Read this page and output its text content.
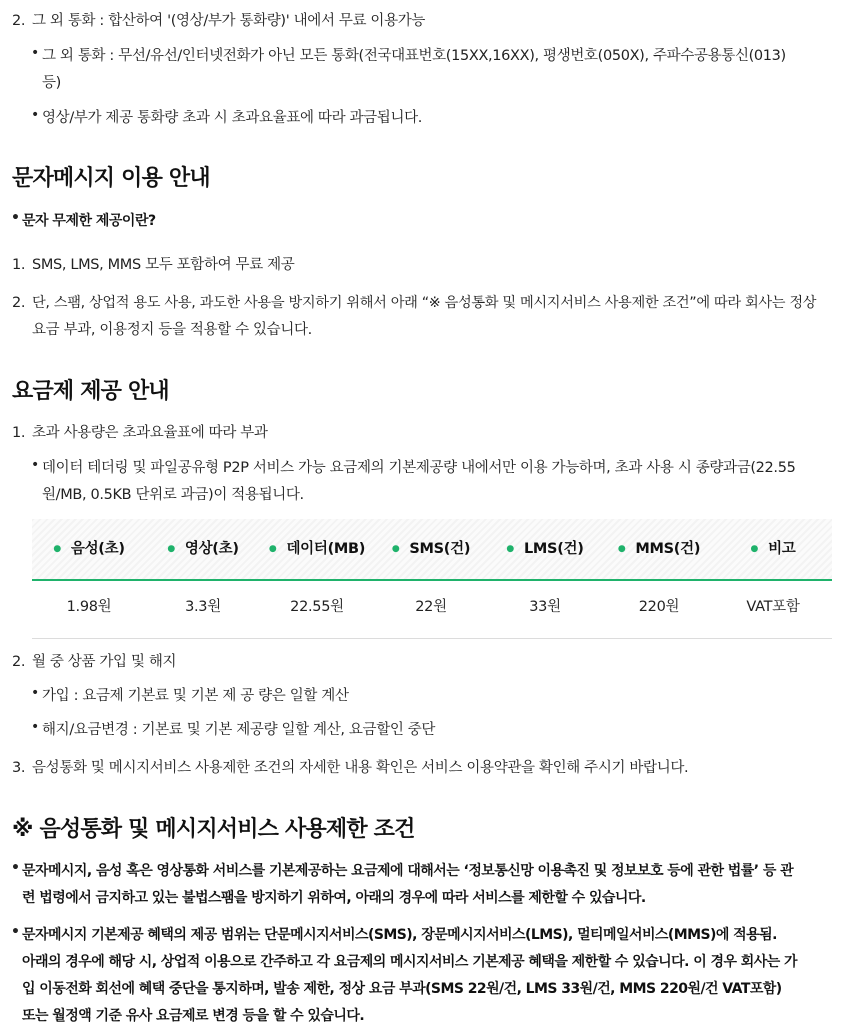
2. 그 외 통화 : 합산하여 '(영상/부가 통화량)' 내에서 무료 이용가능
• 그 외 통화 : 무선/유선/인터넷전화가 아닌 모든 통화(전국대표번호(15XX,16XX), 평생번호(050X), 주파수공용통신(013)
등)
• 영상/부가 제공 통화량 초과 시 초과요율표에 따라 과금됩니다.
문자메시지 이용 안내
• 문자 무제한 제공이란?
1. SMS, LMS, MMS 모두 포함하여 무료 제공
2. 단, 스팸, 상업적 용도 사용, 과도한 사용을 방지하기 위해서 아래 “※ 음성통화 및 메시지서비스 사용제한 조건”에 따라 회사는 정상
요금 부과, 이용정지 등을 적용할 수 있습니다.
요금제 제공 안내
1. 초과 사용량은 초과요율표에 따라 부과
• 데이터 테더링 및 파일공유형 P2P 서비스 가능 요금제의 기본제공량 내에서만 이용 가능하며, 초과 사용 시 종량과금(22.55
원/MB, 0.5KB 단위로 과금)이 적용됩니다.
● 음성(초)	● 영상(초)	● 데이터(MB)	● SMS(건)	● LMS(건)	● MMS(건)	● 비고
1.98원	3.3원	22.55원	22원	33원	220원	VAT포함
2. 월 중 상품 가입 및 해지
• 가입 : 요금제 기본료 및 기본 제 공 량은 일할 계산
• 해지/요금변경 : 기본료 및 기본 제공량 일할 계산, 요금할인 중단
3. 음성통화 및 메시지서비스 사용제한 조건의 자세한 내용 확인은 서비스 이용약관을 확인해 주시기 바랍니다.
※ 음성통화 및 메시지서비스 사용제한 조건
• 문자메시지, 음성 혹은 영상통화 서비스를 기본제공하는 요금제에 대해서는 ‘정보통신망 이용촉진 및 정보보호 등에 관한 법률’ 등 관
련 법령에서 금지하고 있는 불법스팸을 방지하기 위하여, 아래의 경우에 따라 서비스를 제한할 수 있습니다.
• 문자메시지 기본제공 혜택의 제공 범위는 단문메시지서비스(SMS), 장문메시지서비스(LMS), 멀티메일서비스(MMS)에 적용됨.
아래의 경우에 해당 시, 상업적 이용으로 간주하고 각 요금제의 메시지서비스 기본제공 혜택을 제한할 수 있습니다. 이 경우 회사는 가
입 이동전화 회선에 혜택 중단을 통지하며, 발송 제한, 정상 요금 부과(SMS 22원/건, LMS 33원/건, MMS 220원/건 VAT포함)
또는 월정액 기준 유사 요금제로 변경 등을 할 수 있습니다.
